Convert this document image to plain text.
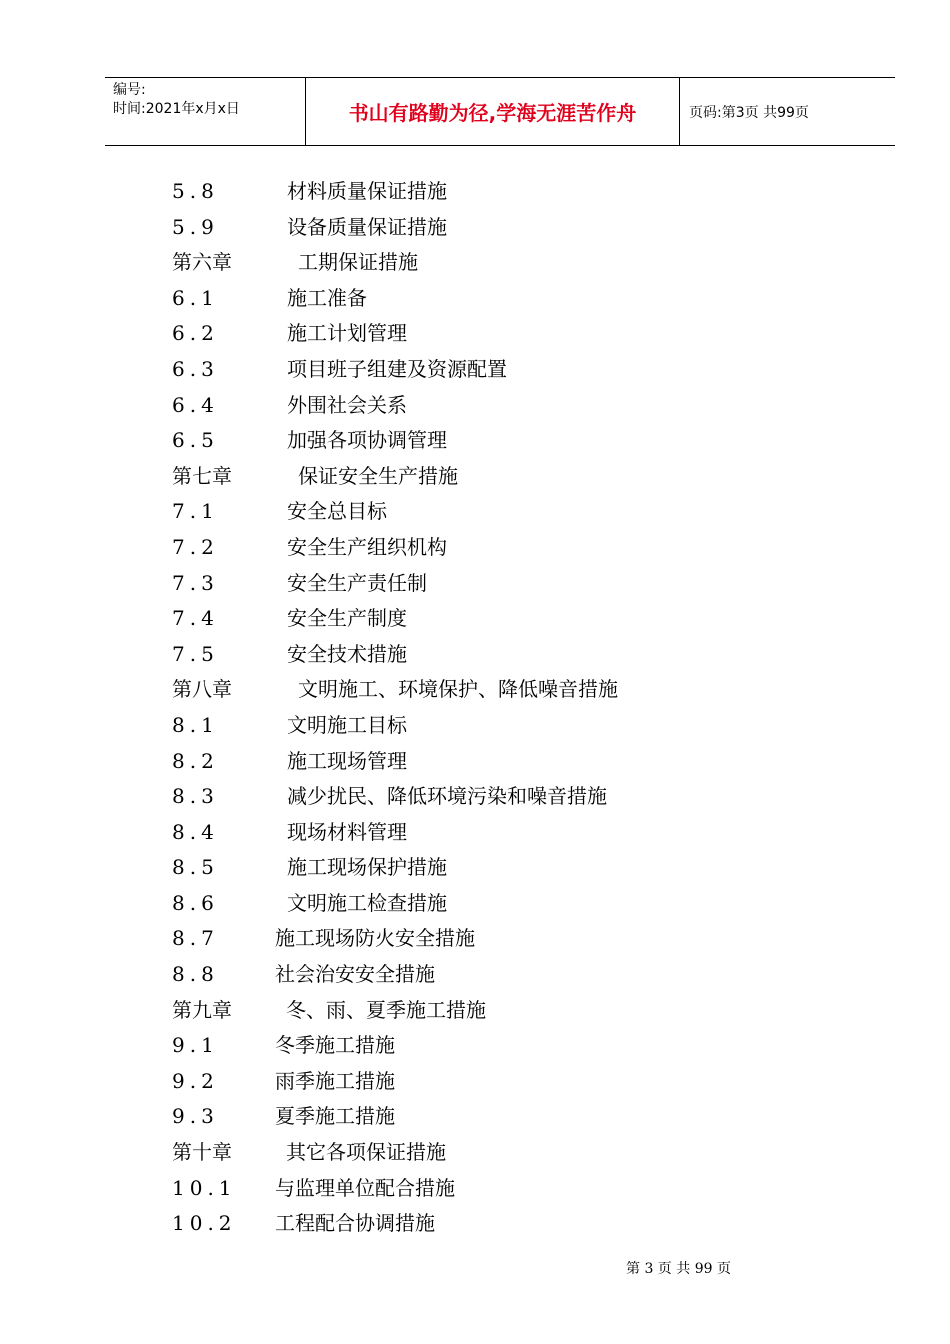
编号:
时间:2021年x月x日	书山有路勤为径,学海无涯苦作舟	页码:第3页 共99页
5.8	材料质量保证措施
5.9	设备质量保证措施
第六章	工期保证措施
6.1	施工准备
6.2	施工计划管理
6.3	项目班子组建及资源配置
6.4	外围社会关系
6.5	加强各项协调管理
第七章	保证安全生产措施
7.1	安全总目标
7.2	安全生产组织机构
7.3	安全生产责任制
7.4	安全生产制度
7.5	安全技术措施
第八章	文明施工、环境保护、降低噪音措施
8.1	文明施工目标
8.2	施工现场管理
8.3	减少扰民、降低环境污染和噪音措施
8.4	现场材料管理
8.5	施工现场保护措施
8.6	文明施工检查措施
8.7	施工现场防火安全措施
8.8	社会治安安全措施
第九章	冬、雨、夏季施工措施
9.1	冬季施工措施
9.2	雨季施工措施
9.3	夏季施工措施
第十章	其它各项保证措施
10.1 与监理单位配合措施
10.2 工程配合协调措施
第 3 页 共 99 页
